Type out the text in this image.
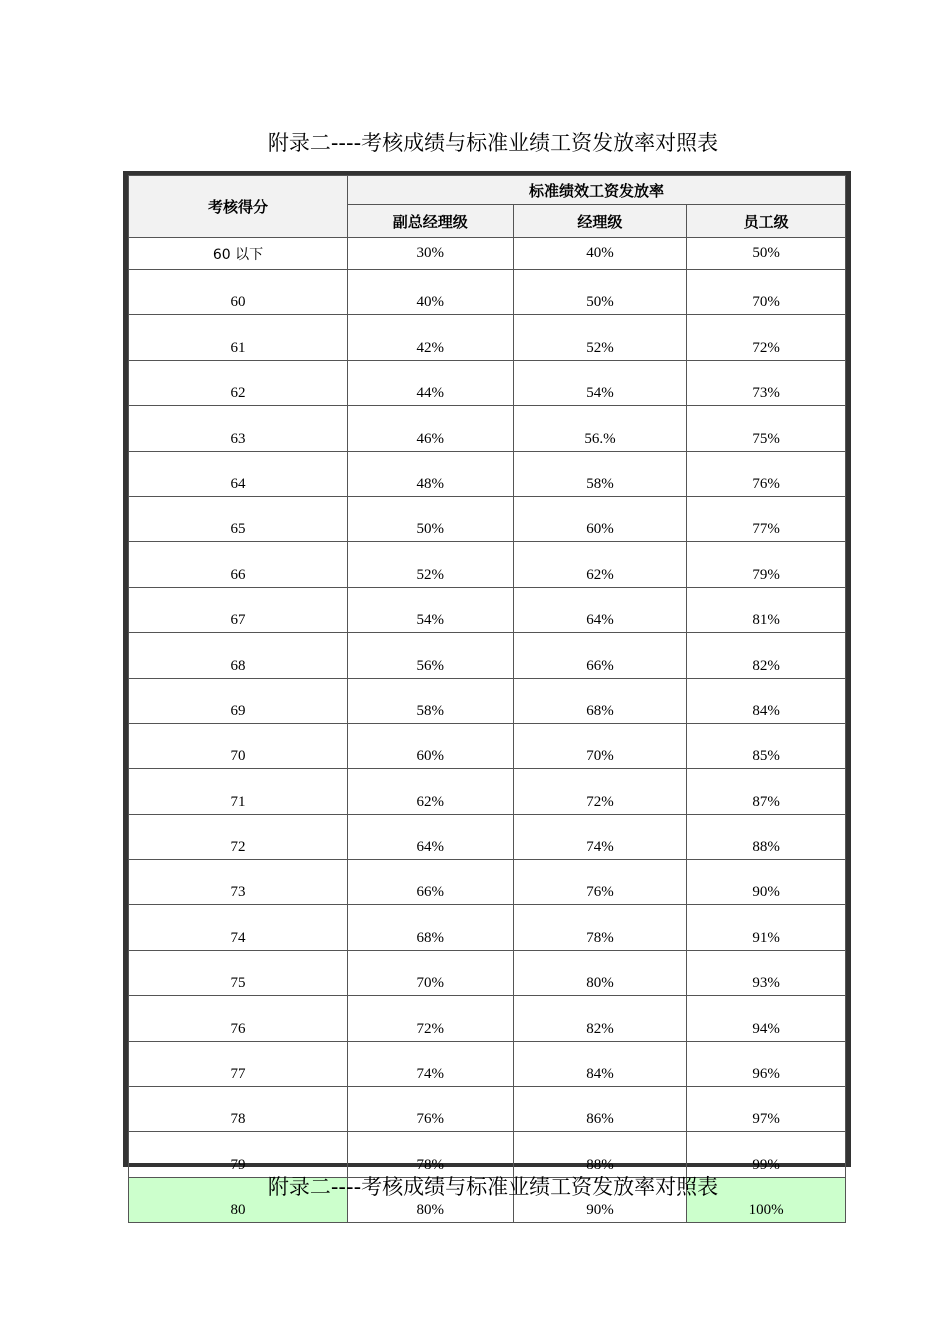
附录二----考核成绩与标准业绩工资发放率对照表
考核得分	标准绩效工资发放率		
	副总经理级	经理级	员工级
60 以下	30%	40%	50%
60	40%	50%	70%
61	42%	52%	72%
62	44%	54%	73%
63	46%	56.%	75%
64	48%	58%	76%
65	50%	60%	77%
66	52%	62%	79%
67	54%	64%	81%
68	56%	66%	82%
69	58%	68%	84%
70	60%	70%	85%
71	62%	72%	87%
72	64%	74%	88%
73	66%	76%	90%
74	68%	78%	91%
75	70%	80%	93%
76	72%	82%	94%
77	74%	84%	96%
78	76%	86%	97%
79	78%	88%	99%
80	80%	90%	100%
附录二----考核成绩与标准业绩工资发放率对照表
